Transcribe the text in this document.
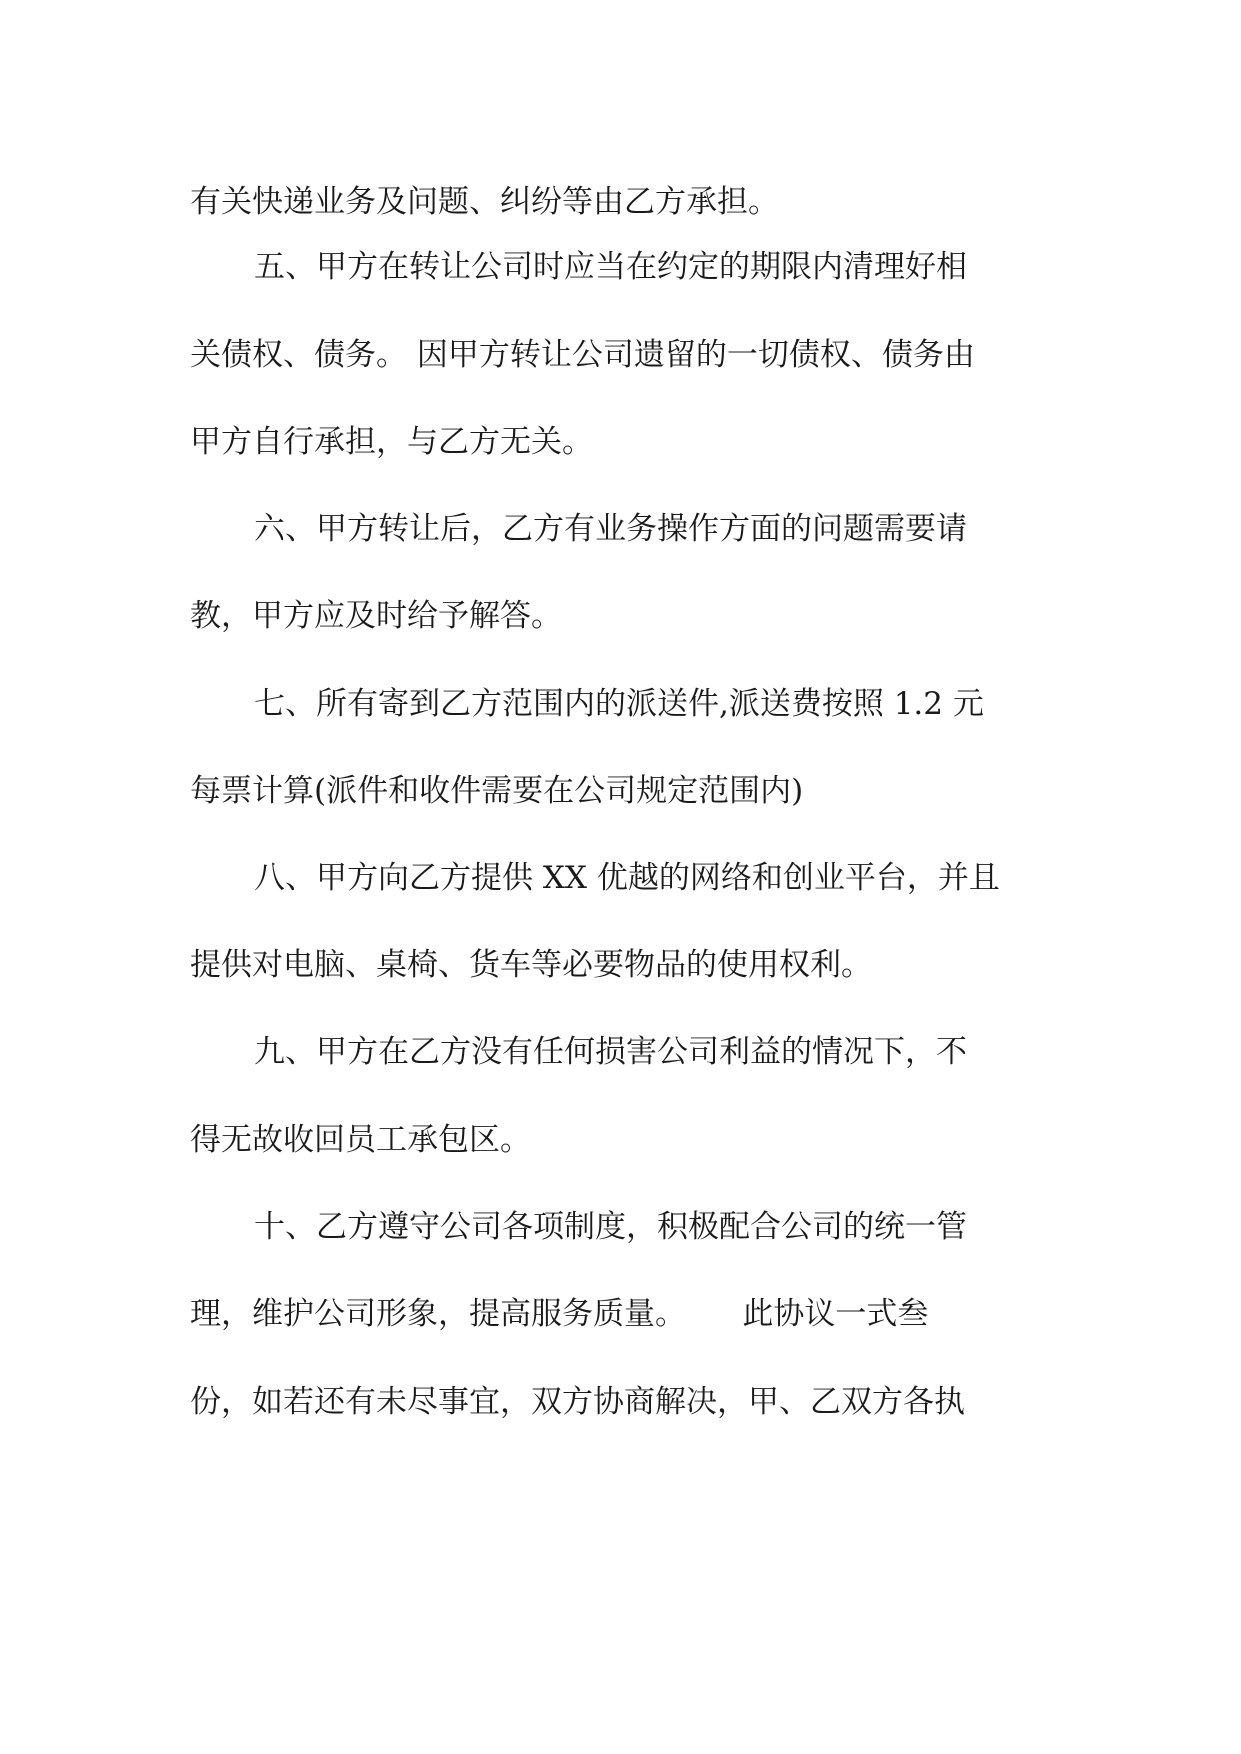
有关快递业务及问题、纠纷等由乙方承担。

五、甲方在转让公司时应当在约定的期限内清理好相

关债权、债务。 因甲方转让公司遗留的一切债权、债务由

甲方自行承担，与乙方无关。

六、甲方转让后，乙方有业务操作方面的问题需要请

教，甲方应及时给予解答。

七、所有寄到乙方范围内的派送件,派送费按照 1.2 元

每票计算(派件和收件需要在公司规定范围内)

八、甲方向乙方提供 XX 优越的网络和创业平台，并且

提供对电脑、桌椅、货车等必要物品的使用权利。

九、甲方在乙方没有任何损害公司利益的情况下，不

得无故收回员工承包区。

十、乙方遵守公司各项制度，积极配合公司的统一管

理，维护公司形象，提高服务质量。　　 此协议一式叁

份，如若还有未尽事宜，双方协商解决，甲、乙双方各执
